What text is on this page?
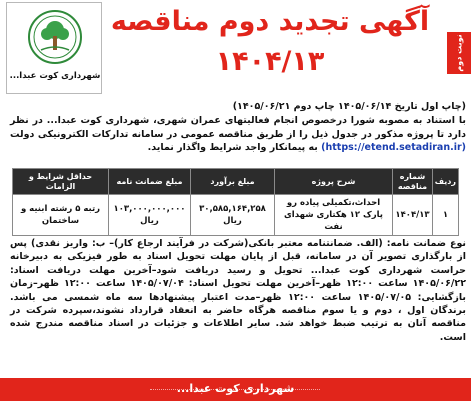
شهرداری کوت عبدا...
آگهی تجدید دوم مناقصه
۱۴۰۴/۱۳	نوبت دوم
(چاپ اول تاریخ ۱۴۰۵/۰۶/۱۴ چاپ دوم ۱۴۰۵/۰۶/۲۱)
با استناد به مصوبه شورا درخصوص انجام فعالیتهای عمران شهری، شهرداری کوت عبدا... در نظر دارد تا پروژه مذکور در جدول ذیل را از طریق مناقصه عمومی در سامانه تدارکات الکترونیکی دولت (https://etend.setadiran.ir) به پیمانکار واجد شرایط واگذار نماید.
ردیف	شماره مناقصه	شرح پروژه	مبلغ برآورد	مبلغ ضمانت نامه	حداقل شرایط و الزامات
۱	۱۴۰۴/۱۳	احداث،تکمیلی پیاده رو پارک ۱۲ هکتاری شهدای نفت	۳۰,۵۸۵,۱۶۴,۲۵۸ ریال	۱۰۳,۰۰۰,۰۰۰,۰۰۰ ریال	رتبه ۵ رشته ابنیه و ساختمان
نوع ضمانت نامه: (الف. ضمانتنامه معتبر بانکی(شرکت در فرآیند ارجاع کار)– ب: واریز نقدی) پس از بارگذاری تصویر آن در سامانه، قبل از پایان مهلت تحویل اسناد به طور فیزیکی به دبیرخانه حراست شهرداری کوت عبدا... تحویل و رسید دریافت شود–آخرین مهلت دریافت اسناد: ۱۴۰۵/۰۶/۲۲ ساعت ۱۲:۰۰ ظهر–آخرین مهلت تحویل اسناد: ۱۴۰۵/۰۷/۰۴ ساعت ۱۲:۰۰ ظهر–زمان بازگشایی: ۱۴۰۵/۰۷/۰۵ ساعت ۱۲:۰۰ ظهر–مدت اعتبار پیشنهادها سه ماه شمسی می باشد. برندگان اول ، دوم و یا سوم مناقصه هرگاه حاضر به انعقاد قرارداد نشوند،سپرده شرکت در مناقصه آنان به ترتیب ضبط خواهد شد. سایر اطلاعات و جزئیات در اسناد مناقصه مندرج شده است.
شهرداری کوت عبدا...
